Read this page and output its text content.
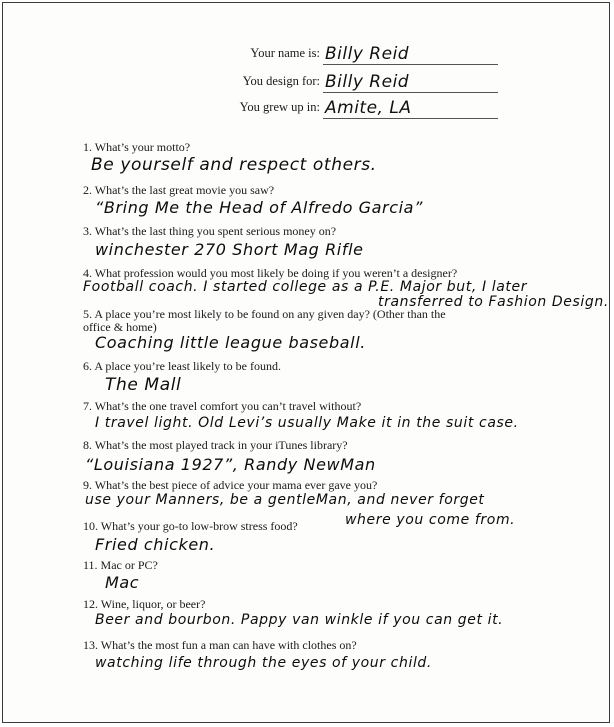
Your name is: Billy Reid
You design for: Billy Reid
You grew up in: Amite, LA
1. What’s your motto?
Be yourself and respect others.
2. What’s the last great movie you saw?
“Bring Me the Head of Alfredo Garcia”
3. What’s the last thing you spent serious money on?
winchester 270 Short Mag Rifle
4. What profession would you most likely be doing if you weren’t a designer?
Football coach. I started college as a P.E. Major but, I later
transferred to Fashion Design.
5. A place you’re most likely to be found on any given day? (Other than the office & home)
Coaching little league baseball.
6. A place you’re least likely to be found.
The Mall
7. What’s the one travel comfort you can’t travel without?
I travel light. Old Levi’s usually Make it in the suit case.
8. What’s the most played track in your iTunes library?
“Louisiana 1927”, Randy NewMan
9. What’s the best piece of advice your mama ever gave you?
use your Manners, be a gentleMan, and never forget
where you come from.
10. What’s your go-to low-brow stress food?
Fried chicken.
11. Mac or PC?
Mac
12. Wine, liquor, or beer?
Beer and bourbon. Pappy van winkle if you can get it.
13. What’s the most fun a man can have with clothes on?
watching life through the eyes of your child.
